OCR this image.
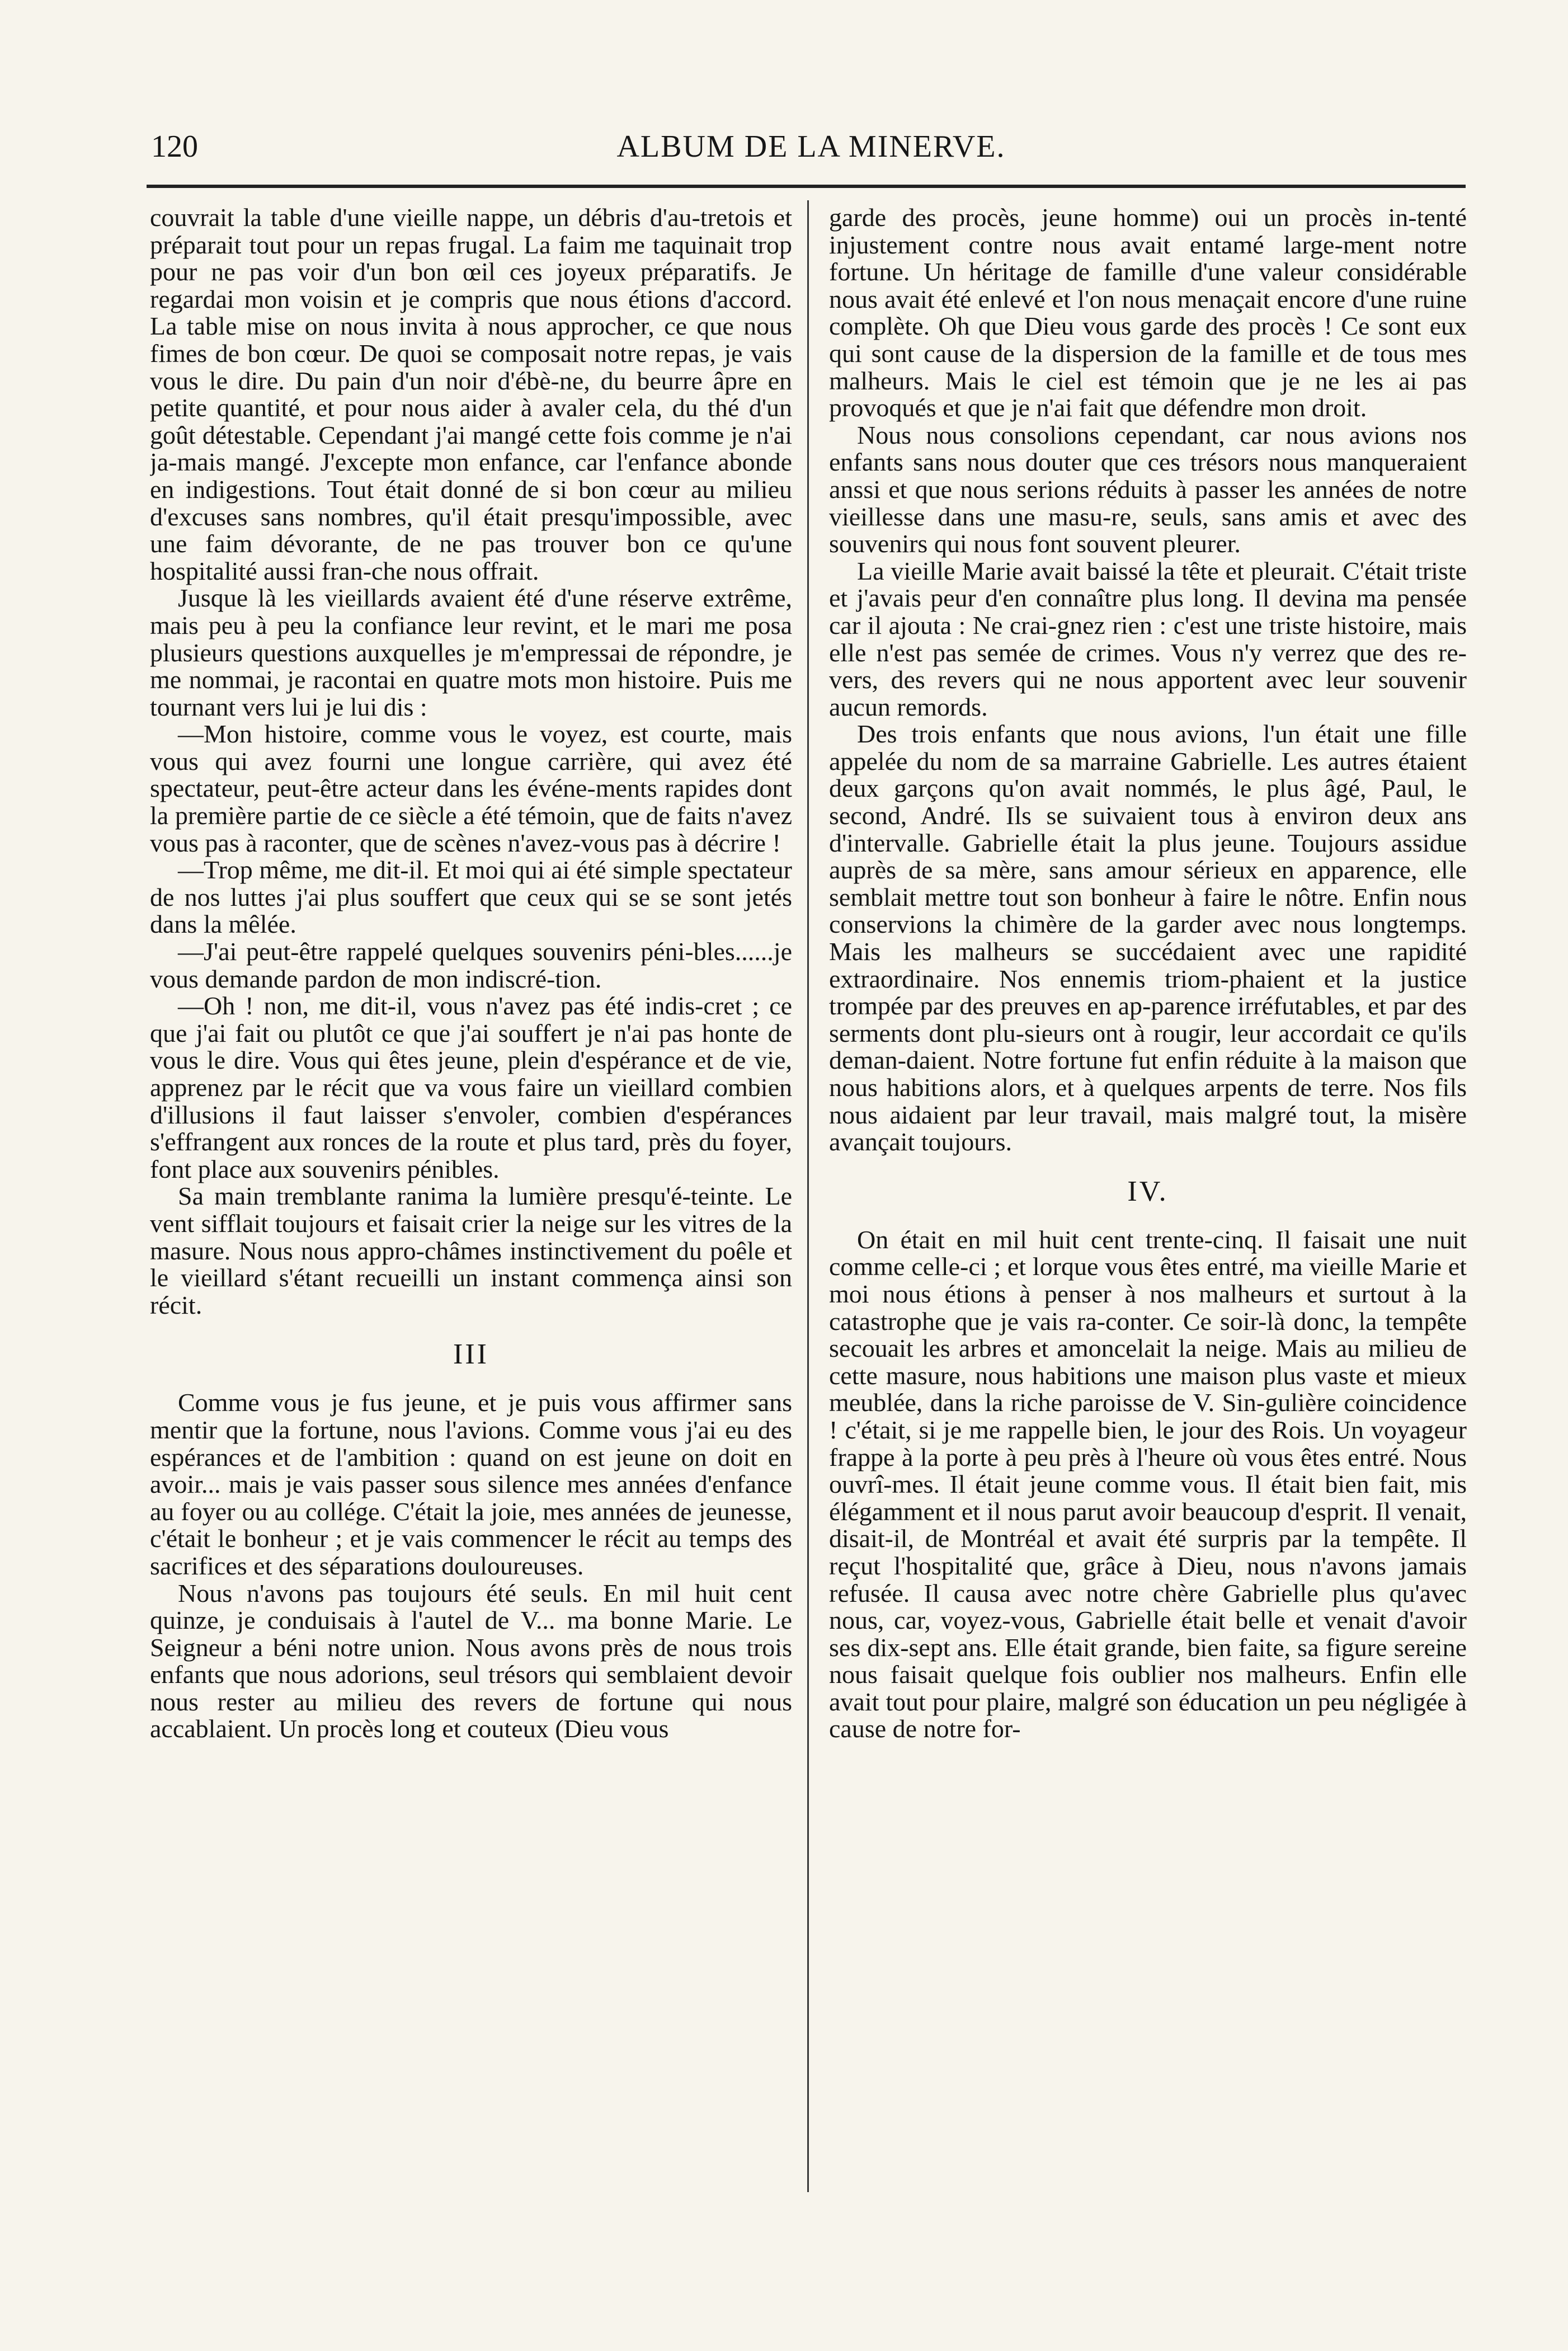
120	ALBUM DE LA MINERVE.

couvrait la table d'une vieille nappe, un débris d'au-tretois et préparait tout pour un repas frugal. La faim me taquinait trop pour ne pas voir d'un bon œil ces joyeux préparatifs. Je regardai mon voisin et je compris que nous étions d'accord. La table mise on nous invita à nous approcher, ce que nous fimes de bon cœur. De quoi se composait notre repas, je vais vous le dire. Du pain d'un noir d'ébè-ne, du beurre âpre en petite quantité, et pour nous aider à avaler cela, du thé d'un goût détestable. Cependant j'ai mangé cette fois comme je n'ai ja-mais mangé. J'excepte mon enfance, car l'enfance abonde en indigestions. Tout était donné de si bon cœur au milieu d'excuses sans nombres, qu'il était presqu'impossible, avec une faim dévorante, de ne pas trouver bon ce qu'une hospitalité aussi fran-che nous offrait.

Jusque là les vieillards avaient été d'une réserve extrême, mais peu à peu la confiance leur revint, et le mari me posa plusieurs questions auxquelles je m'empressai de répondre, je me nommai, je racontai en quatre mots mon histoire. Puis me tournant vers lui je lui dis :

—Mon histoire, comme vous le voyez, est courte, mais vous qui avez fourni une longue carrière, qui avez été spectateur, peut-être acteur dans les événe-ments rapides dont la première partie de ce siècle a été témoin, que de faits n'avez vous pas à raconter, que de scènes n'avez-vous pas à décrire !

—Trop même, me dit-il. Et moi qui ai été simple spectateur de nos luttes j'ai plus souffert que ceux qui se se sont jetés dans la mêlée.

—J'ai peut-être rappelé quelques souvenirs péni-bles......je vous demande pardon de mon indiscré-tion.

—Oh ! non, me dit-il, vous n'avez pas été indis-cret ; ce que j'ai fait ou plutôt ce que j'ai souffert je n'ai pas honte de vous le dire. Vous qui êtes jeune, plein d'espérance et de vie, apprenez par le récit que va vous faire un vieillard combien d'illusions il faut laisser s'envoler, combien d'espérances s'effrangent aux ronces de la route et plus tard, près du foyer, font place aux souvenirs pénibles.

Sa main tremblante ranima la lumière presqu'é-teinte. Le vent sifflait toujours et faisait crier la neige sur les vitres de la masure. Nous nous appro-châmes instinctivement du poêle et le vieillard s'étant recueilli un instant commença ainsi son récit.

III

Comme vous je fus jeune, et je puis vous affirmer sans mentir que la fortune, nous l'avions. Comme vous j'ai eu des espérances et de l'ambition : quand on est jeune on doit en avoir... mais je vais passer sous silence mes années d'enfance au foyer ou au collége. C'était la joie, mes années de jeunesse, c'était le bonheur ; et je vais commencer le récit au temps des sacrifices et des séparations douloureuses.

Nous n'avons pas toujours été seuls. En mil huit cent quinze, je conduisais à l'autel de V... ma bonne Marie. Le Seigneur a béni notre union. Nous avons près de nous trois enfants que nous adorions, seul trésors qui semblaient devoir nous rester au milieu des revers de fortune qui nous accablaient. Un procès long et couteux (Dieu vous

garde des procès, jeune homme) oui un procès in-tenté injustement contre nous avait entamé large-ment notre fortune. Un héritage de famille d'une valeur considérable nous avait été enlevé et l'on nous menaçait encore d'une ruine complète. Oh que Dieu vous garde des procès ! Ce sont eux qui sont cause de la dispersion de la famille et de tous mes malheurs. Mais le ciel est témoin que je ne les ai pas provoqués et que je n'ai fait que défendre mon droit.

Nous nous consolions cependant, car nous avions nos enfants sans nous douter que ces trésors nous manqueraient anssi et que nous serions réduits à passer les années de notre vieillesse dans une masu-re, seuls, sans amis et avec des souvenirs qui nous font souvent pleurer.

La vieille Marie avait baissé la tête et pleurait. C'était triste et j'avais peur d'en connaître plus long. Il devina ma pensée car il ajouta : Ne crai-gnez rien : c'est une triste histoire, mais elle n'est pas semée de crimes. Vous n'y verrez que des re-vers, des revers qui ne nous apportent avec leur souvenir aucun remords.

Des trois enfants que nous avions, l'un était une fille appelée du nom de sa marraine Gabrielle. Les autres étaient deux garçons qu'on avait nommés, le plus âgé, Paul, le second, André. Ils se suivaient tous à environ deux ans d'intervalle. Gabrielle était la plus jeune. Toujours assidue auprès de sa mère, sans amour sérieux en apparence, elle semblait mettre tout son bonheur à faire le nôtre. Enfin nous conservions la chimère de la garder avec nous longtemps. Mais les malheurs se succédaient avec une rapidité extraordinaire. Nos ennemis triom-phaient et la justice trompée par des preuves en ap-parence irréfutables, et par des serments dont plu-sieurs ont à rougir, leur accordait ce qu'ils deman-daient. Notre fortune fut enfin réduite à la maison que nous habitions alors, et à quelques arpents de terre. Nos fils nous aidaient par leur travail, mais malgré tout, la misère avançait toujours.

IV.

On était en mil huit cent trente-cinq. Il faisait une nuit comme celle-ci ; et lorque vous êtes entré, ma vieille Marie et moi nous étions à penser à nos malheurs et surtout à la catastrophe que je vais ra-conter. Ce soir-là donc, la tempête secouait les arbres et amoncelait la neige. Mais au milieu de cette masure, nous habitions une maison plus vaste et mieux meublée, dans la riche paroisse de V. Sin-gulière coincidence ! c'était, si je me rappelle bien, le jour des Rois. Un voyageur frappe à la porte à peu près à l'heure où vous êtes entré. Nous ouvrî-mes. Il était jeune comme vous. Il était bien fait, mis élégamment et il nous parut avoir beaucoup d'esprit. Il venait, disait-il, de Montréal et avait été surpris par la tempête. Il reçut l'hospitalité que, grâce à Dieu, nous n'avons jamais refusée. Il causa avec notre chère Gabrielle plus qu'avec nous, car, voyez-vous, Gabrielle était belle et venait d'avoir ses dix-sept ans. Elle était grande, bien faite, sa figure sereine nous faisait quelque fois oublier nos malheurs. Enfin elle avait tout pour plaire, malgré son éducation un peu négligée à cause de notre for-
